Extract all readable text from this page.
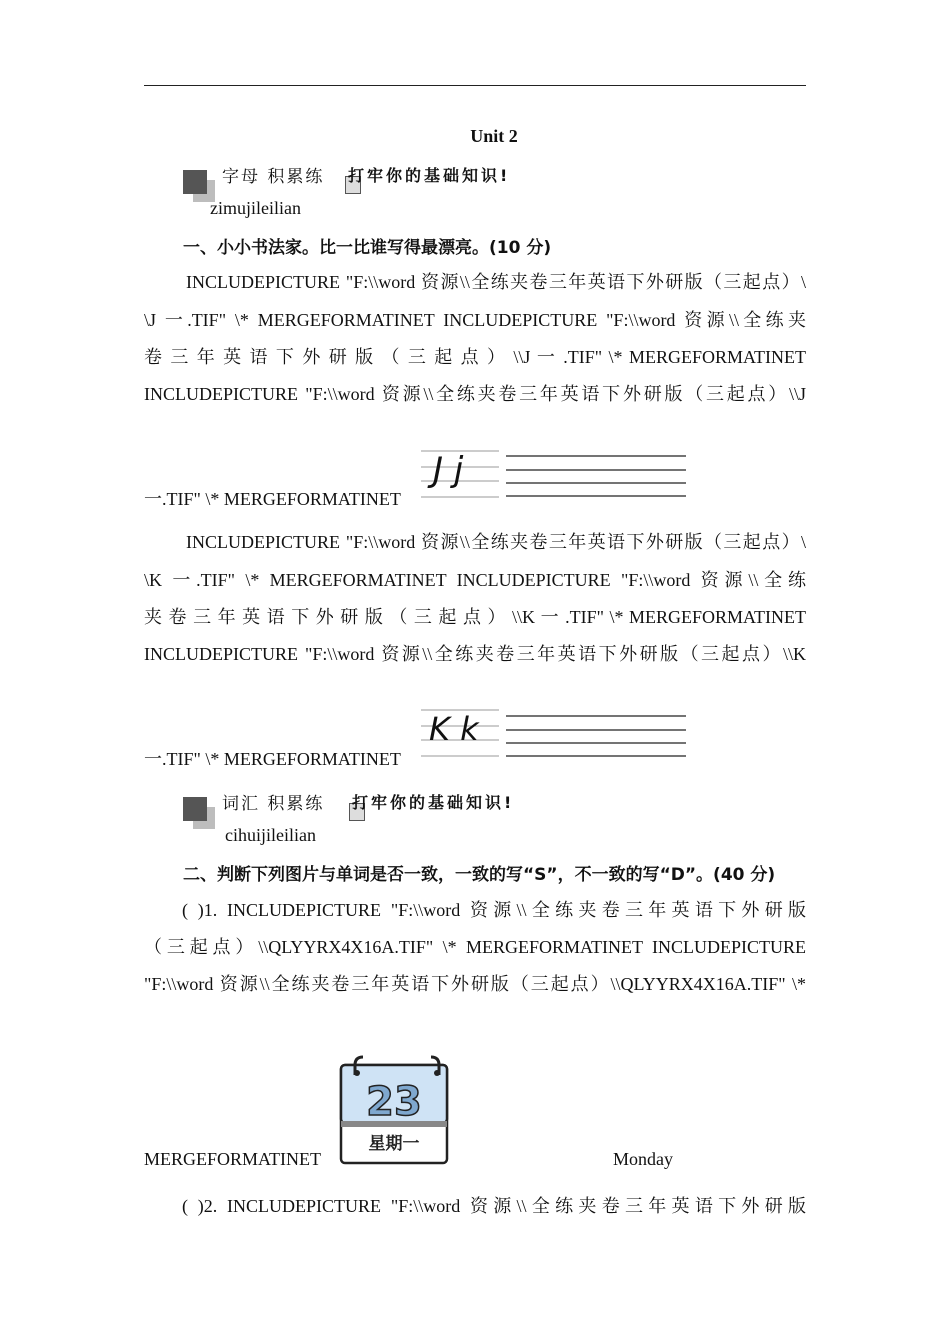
Unit 2
字母 积累练 打牢你的基础知识!
zimujileilian
一、小小书法家。比一比谁写得最漂亮。(10 分)
INCLUDEPICTURE "F:\\word 资源\\全练夹卷三年英语下外研版（三起点）\
\J 一.TIF" \* MERGEFORMATINET INCLUDEPICTURE "F:\\word 资源\\全练夹
卷 三 年 英 语 下 外 研 版 （ 三 起 点 ） \\J 一 .TIF" \* MERGEFORMATINET
INCLUDEPICTURE "F:\\word 资源\\全练夹卷三年英语下外研版（三起点）\\J
一.TIF" \* MERGEFORMATINET
J j
INCLUDEPICTURE "F:\\word 资源\\全练夹卷三年英语下外研版（三起点）\
\K 一.TIF" \* MERGEFORMATINET INCLUDEPICTURE "F:\\word 资源\\全练
夹 卷 三 年 英 语 下 外 研 版 （ 三 起 点 ） \\K 一 .TIF" \* MERGEFORMATINET
INCLUDEPICTURE "F:\\word 资源\\全练夹卷三年英语下外研版（三起点）\\K
一.TIF" \* MERGEFORMATINET
K k
词汇 积累练 打牢你的基础知识!
cihuijileilian
二、判断下列图片与单词是否一致，一致的写“S”，不一致的写“D”。(40 分)
( )1. INCLUDEPICTURE "F:\\word 资源\\全练夹卷三年英语下外研版
（三起点）\\QLYYRX4X16A.TIF" \* MERGEFORMATINET INCLUDEPICTURE
"F:\\word 资源\\全练夹卷三年英语下外研版（三起点）\\QLYYRX4X16A.TIF" \*
MERGEFORMATINET
23
星期一
Monday
( )2. INCLUDEPICTURE "F:\\word 资源\\全练夹卷三年英语下外研版
